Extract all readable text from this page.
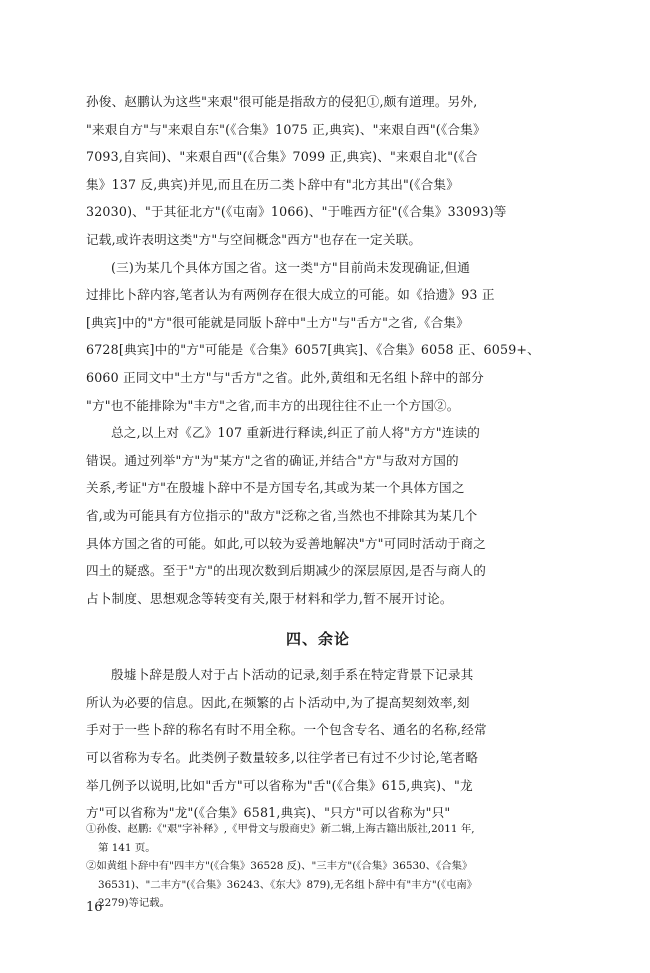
孙俊、赵鹏认为这些"来艰"很可能是指敌方的侵犯①,颇有道理。另外,
"来艰自方"与"来艰自东"(《合集》1075 正,典宾)、"来艰自西"(《合集》
7093,自宾间)、"来艰自西"(《合集》7099 正,典宾)、"来艰自北"(《合
集》137 反,典宾)并见,而且在历二类卜辞中有"北方其出"(《合集》
32030)、"于其征北方"(《屯南》1066)、"于唯西方征"(《合集》33093)等
记载,或许表明这类"方"与空间概念"西方"也存在一定关联。
(三)为某几个具体方国之省。这一类"方"目前尚未发现确证,但通
过排比卜辞内容,笔者认为有两例存在很大成立的可能。如《拾遗》93 正
[典宾]中的"方"很可能就是同版卜辞中"土方"与"舌方"之省,《合集》
6728[典宾]中的"方"可能是《合集》6057[典宾]、《合集》6058 正、6059+、
6060 正同文中"土方"与"舌方"之省。此外,黄组和无名组卜辞中的部分
"方"也不能排除为"丰方"之省,而丰方的出现往往不止一个方国②。
总之,以上对《乙》107 重新进行释读,纠正了前人将"方方"连读的
错误。通过列举"方"为"某方"之省的确证,并结合"方"与敌对方国的
关系,考证"方"在殷墟卜辞中不是方国专名,其或为某一个具体方国之
省,或为可能具有方位指示的"敌方"泛称之省,当然也不排除其为某几个
具体方国之省的可能。如此,可以较为妥善地解决"方"可同时活动于商之
四土的疑惑。至于"方"的出现次数到后期减少的深层原因,是否与商人的
占卜制度、思想观念等转变有关,限于材料和学力,暂不展开讨论。
四、余论
殷墟卜辞是殷人对于占卜活动的记录,刻手系在特定背景下记录其
所认为必要的信息。因此,在频繁的占卜活动中,为了提高契刻效率,刻
手对于一些卜辞的称名有时不用全称。一个包含专名、通名的名称,经常
可以省称为专名。此类例子数量较多,以往学者已有过不少讨论,笔者略
举几例予以说明,比如"舌方"可以省称为"舌"(《合集》615,典宾)、"龙
方"可以省称为"龙"(《合集》6581,典宾)、"只方"可以省称为"只"
①孙俊、赵鹏:《"艰"字补释》,《甲骨文与殷商史》新二辑,上海古籍出版社,2011 年,
第 141 页。
②如黄组卜辞中有"四丰方"(《合集》36528 反)、"三丰方"(《合集》36530、《合集》
36531)、"二丰方"(《合集》36243、《东大》879),无名组卜辞中有"丰方"(《屯南》
2279)等记载。
16
